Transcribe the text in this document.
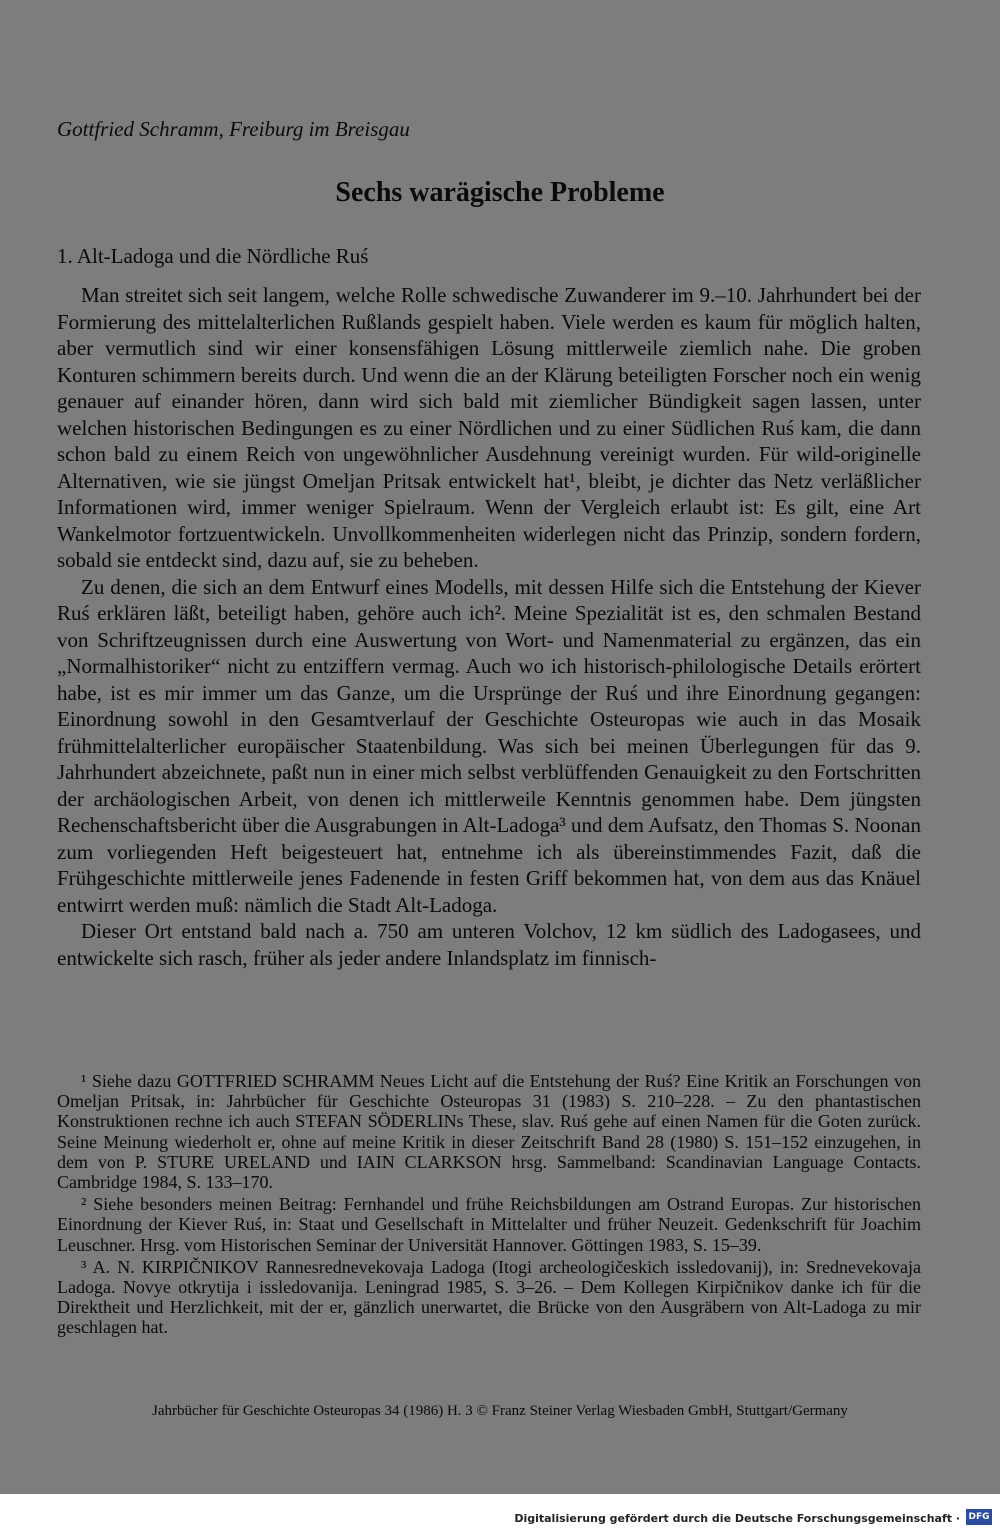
Gottfried Schramm, Freiburg im Breisgau
Sechs warägische Probleme
1. Alt-Ladoga und die Nördliche Ruś

Man streitet sich seit langem, welche Rolle schwedische Zuwanderer im 9.–10. Jahrhundert bei der Formierung des mittelalterlichen Rußlands gespielt haben. Viele werden es kaum für möglich halten, aber vermutlich sind wir einer konsensfähigen Lösung mittlerweile ziemlich nahe. Die groben Konturen schimmern bereits durch. Und wenn die an der Klärung beteiligten Forscher noch ein wenig genauer auf einander hören, dann wird sich bald mit ziemlicher Bündigkeit sagen lassen, unter welchen historischen Bedingungen es zu einer Nördlichen und zu einer Südlichen Ruś kam, die dann schon bald zu einem Reich von ungewöhnlicher Ausdehnung vereinigt wurden. Für wild-originelle Alternativen, wie sie jüngst Omeljan Pritsak entwickelt hat¹, bleibt, je dichter das Netz verläßlicher Informationen wird, immer weniger Spielraum. Wenn der Vergleich erlaubt ist: Es gilt, eine Art Wankelmotor fortzuentwickeln. Unvollkommenheiten widerlegen nicht das Prinzip, sondern fordern, sobald sie entdeckt sind, dazu auf, sie zu beheben.

Zu denen, die sich an dem Entwurf eines Modells, mit dessen Hilfe sich die Entstehung der Kiever Ruś erklären läßt, beteiligt haben, gehöre auch ich². Meine Spezialität ist es, den schmalen Bestand von Schriftzeugnissen durch eine Auswertung von Wort- und Namenmaterial zu ergänzen, das ein „Normalhistoriker“ nicht zu entziffern vermag. Auch wo ich historisch-philologische Details erörtert habe, ist es mir immer um das Ganze, um die Ursprünge der Ruś und ihre Einordnung gegangen: Einordnung sowohl in den Gesamtverlauf der Geschichte Osteuropas wie auch in das Mosaik frühmittelalterlicher europäischer Staatenbildung. Was sich bei meinen Überlegungen für das 9. Jahrhundert abzeichnete, paßt nun in einer mich selbst verblüffenden Genauigkeit zu den Fortschritten der archäologischen Arbeit, von denen ich mittlerweile Kenntnis genommen habe. Dem jüngsten Rechenschaftsbericht über die Ausgrabungen in Alt-Ladoga³ und dem Aufsatz, den Thomas S. Noonan zum vorliegenden Heft beigesteuert hat, entnehme ich als übereinstimmendes Fazit, daß die Frühgeschichte mittlerweile jenes Fadenende in festen Griff bekommen hat, von dem aus das Knäuel entwirrt werden muß: nämlich die Stadt Alt-Ladoga.

Dieser Ort entstand bald nach a. 750 am unteren Volchov, 12 km südlich des Ladogasees, und entwickelte sich rasch, früher als jeder andere Inlandsplatz im finnisch-

¹ Siehe dazu GOTTFRIED SCHRAMM Neues Licht auf die Entstehung der Ruś? Eine Kritik an Forschungen von Omeljan Pritsak, in: Jahrbücher für Geschichte Osteuropas 31 (1983) S. 210–228. – Zu den phantastischen Konstruktionen rechne ich auch STEFAN SÖDERLINs These, slav. Ruś gehe auf einen Namen für die Goten zurück. Seine Meinung wiederholt er, ohne auf meine Kritik in dieser Zeitschrift Band 28 (1980) S. 151–152 einzugehen, in dem von P. STURE URELAND und IAIN CLARKSON hrsg. Sammelband: Scandinavian Language Contacts. Cambridge 1984, S. 133–170.

² Siehe besonders meinen Beitrag: Fernhandel und frühe Reichsbildungen am Ostrand Europas. Zur historischen Einordnung der Kiever Ruś, in: Staat und Gesellschaft in Mittelalter und früher Neuzeit. Gedenkschrift für Joachim Leuschner. Hrsg. vom Historischen Seminar der Universität Hannover. Göttingen 1983, S. 15–39.

³ A. N. KIRPIČNIKOV Rannesrednevekovaja Ladoga (Itogi archeologičeskich issledovanij), in: Srednevekovaja Ladoga. Novye otkrytija i issledovanija. Leningrad 1985, S. 3–26. – Dem Kollegen Kirpičnikov danke ich für die Direktheit und Herzlichkeit, mit der er, gänzlich unerwartet, die Brücke von den Ausgräbern von Alt-Ladoga zu mir geschlagen hat.

Jahrbücher für Geschichte Osteuropas 34 (1986) H. 3 © Franz Steiner Verlag Wiesbaden GmbH, Stuttgart/Germany
Digitalisierung gefördert durch die Deutsche Forschungsgemeinschaft · DFG
